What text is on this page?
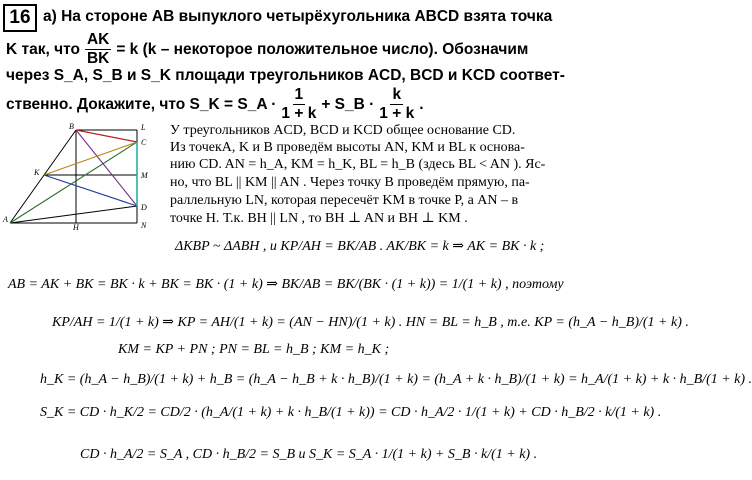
16 а) На стороне AB выпуклого четырёхугольника ABCD взята точка
K так, что $\frac{AK}{BK} = k$ (k – некоторое положительное число). Обозначим
через S_A, S_B и S_K площади треугольников ACD, BCD и KCD соответ-
ственно. Докажите, что S_K = S_A · $\frac{1}{1 + k}$ + S_B · $\frac{k}{1 + k}$ .
B	L
C
K	M
A
H
D
N
У треугольников ACD, BCD и KCD общее основание CD.
Из точекA, K и B проведём высоты AN, KM и BL к основа-
нию CD. AN = h_A, KM = h_K, BL = h_B (здесь BL < AN ). Яс-
но, что BL || KM || AN . Через точку B проведём прямую, па-
раллельную LN, которая пересечёт KM в точке P, а AN – в
точке H. Т.к. BH || LN , то BH ⊥ AN и BH ⊥ KM .
ΔKBP ~ ΔABH , и KP/AH = BK/AB . AK/BK = k ⇒ AK = BK · k ;
AB = AK + BK = BK · k + BK = BK · (1 + k) ⇒ BK/AB = BK/(BK · (1 + k)) = 1/(1 + k) , поэтому
KP/AH = 1/(1 + k) ⇒ KP = AH/(1 + k) = (AN − HN)/(1 + k) . HN = BL = h_B , т.е. KP = (h_A − h_B)/(1 + k) .
KM = KP + PN ; PN = BL = h_B ; KM = h_K ;
h_K = (h_A − h_B)/(1 + k) + h_B = (h_A − h_B + k · h_B)/(1 + k) = (h_A + k · h_B)/(1 + k) = h_A/(1 + k) + k · h_B/(1 + k) .
S_K = CD · h_K/2 = CD/2 · (h_A/(1 + k) + k · h_B/(1 + k)) = CD · h_A/2 · 1/(1 + k) + CD · h_B/2 · k/(1 + k) .
CD · h_A/2 = S_A , CD · h_B/2 = S_B и S_K = S_A · 1/(1 + k) + S_B · k/(1 + k) .
